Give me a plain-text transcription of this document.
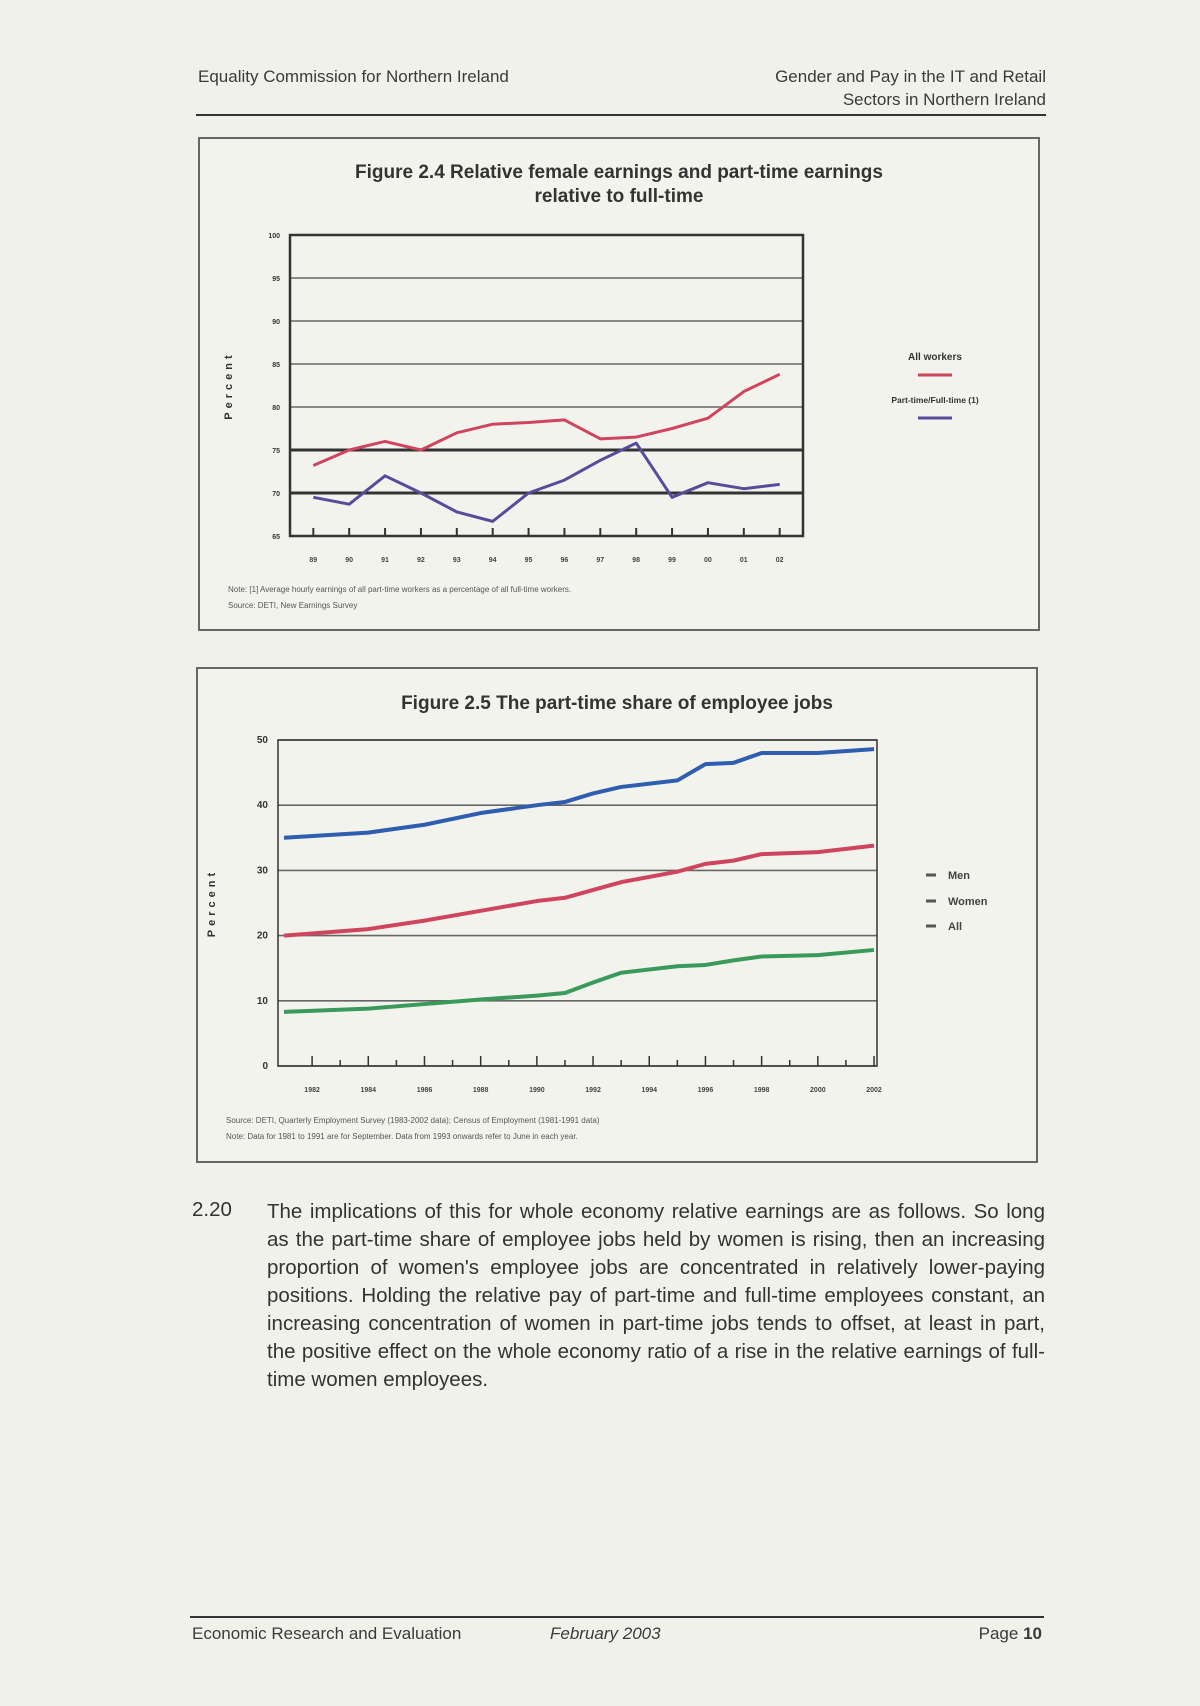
Equality Commission for Northern Ireland	Gender and Pay in the IT and Retail
Sectors in Northern Ireland
Figure 2.4 Relative female earnings and part-time earnings
relative to full-time
Note: [1] Average hourly earnings of all part-time workers as a percentage of all full-time workers.
Source: DETI, New Earnings Survey
65
70
75
80
85
90
95
100
Percent
89	90	91	92	93	94	95	96	97	98	99	00	01	02
All workers
Part-time/Full-time (1)
Figure 2.5 The part-time share of employee jobs
Source: DETI, Quarterly Employment Survey (1983-2002 data); Census of Employment (1981-1991 data)
Note: Data for 1981 to 1991 are for September. Data from 1993 onwards refer to June in each year.
0
10
20
30
40
50
Percent
1982	1984	1986	1988	1990	1992	1994	1996	1998	2000	2002
Men
Women
All
2.20 The implications of this for whole economy relative earnings are as follows. So long as the part-time share of employee jobs held by women is rising, then an increasing proportion of women's employee jobs are concentrated in relatively lower-paying positions. Holding the relative pay of part-time and full-time employees constant, an increasing concentration of women in part-time jobs tends to offset, at least in part, the positive effect on the whole economy ratio of a rise in the relative earnings of full-time women employees.
Economic Research and Evaluation	February 2003	Page 10
